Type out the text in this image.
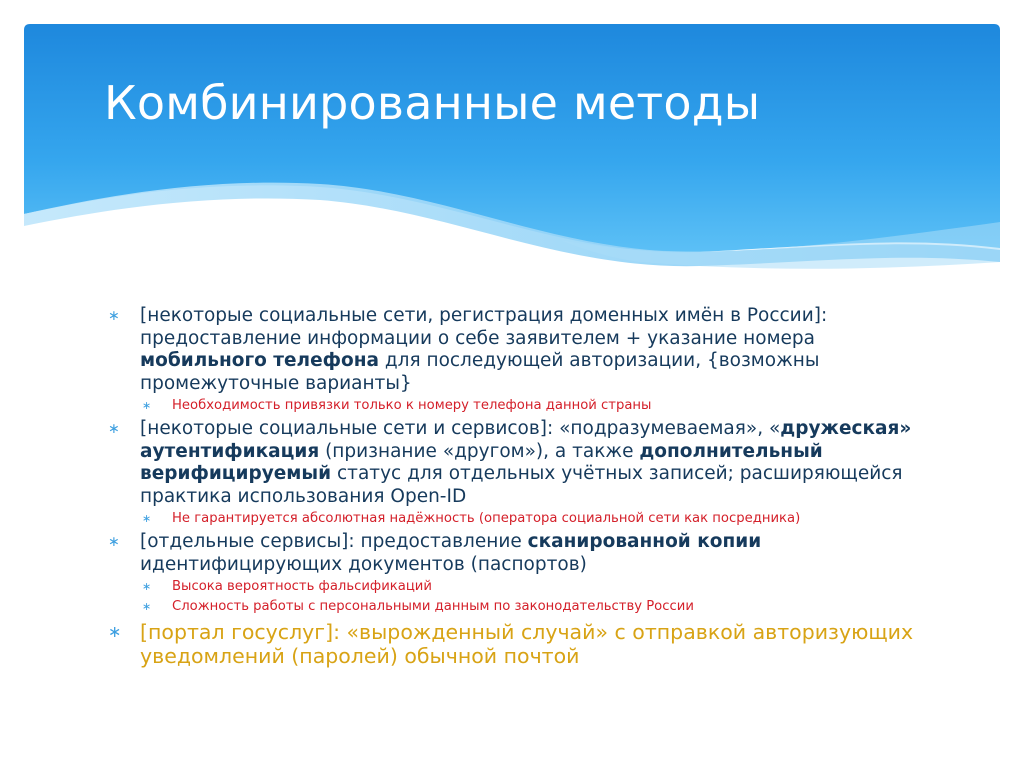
Комбинированные методы
∗ [некоторые социальные сети, регистрация доменных имён в России]: предоставление информации о себе заявителем + указание номера мобильного телефона для последующей авторизации, {возможны промежуточные варианты}
∗ Необходимость привязки только к номеру телефона данной страны
∗ [некоторые социальные сети и сервисов]: «подразумеваемая», «дружеская» аутентификация (признание «другом»), а также дополнительный верифицируемый статус для отдельных учётных записей; расширяющейся практика использования Open-ID
∗ Не гарантируется абсолютная надёжность (оператора социальной сети как посредника)
∗ [отдельные сервисы]: предоставление сканированной копии идентифицирующих документов (паспортов)
∗ Высока вероятность фальсификаций
∗ Сложность работы с персональными данным по законодательству России
∗ [портал госуслуг]: «вырожденный случай» с отправкой авторизующих уведомлений (паролей) обычной почтой
